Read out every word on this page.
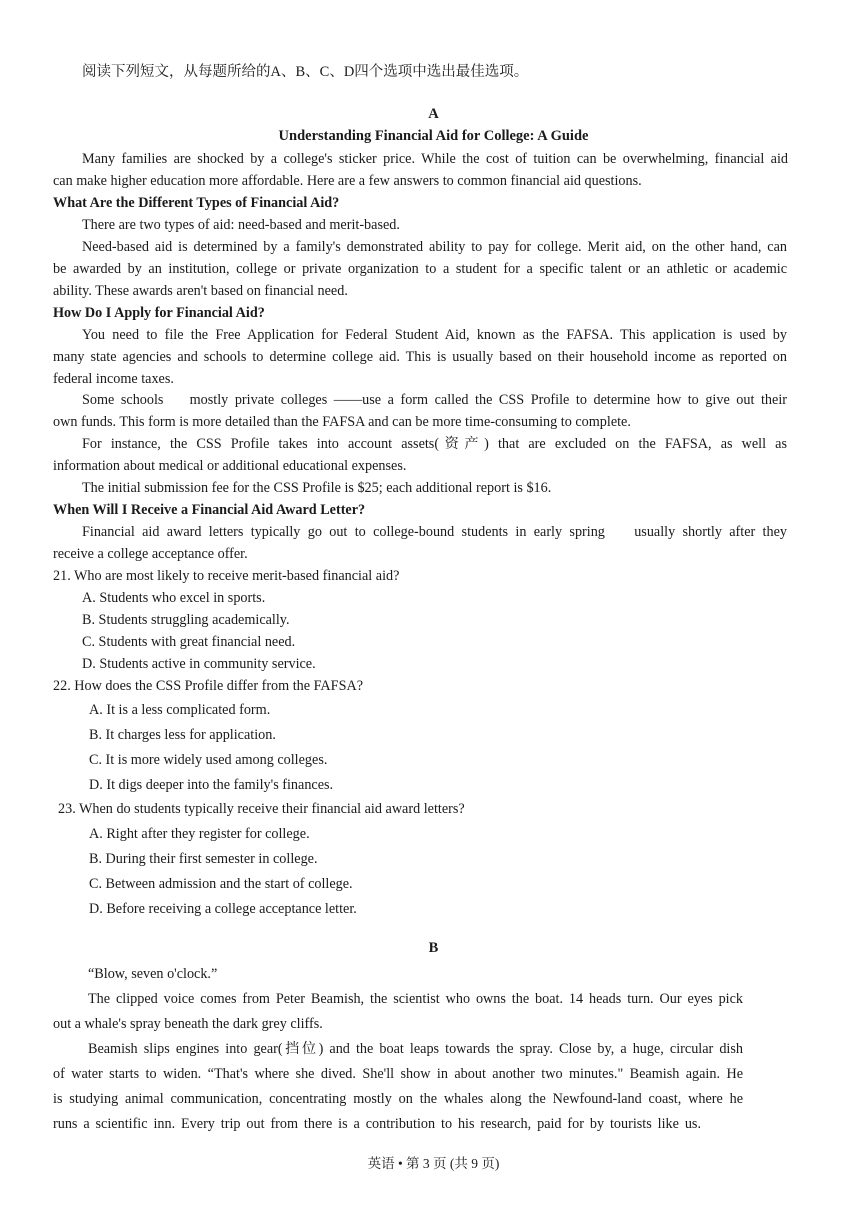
阅读下列短文，从每题所给的A、B、C、D四个选项中选出最佳选项。
A
Understanding Financial Aid for College: A Guide
Many families are shocked by a college's sticker price. While the cost of tuition can be overwhelming, financial aid
can make higher education more affordable. Here are a few answers to common financial aid questions.
What Are the Different Types of Financial Aid?
There are two types of aid: need-based and merit-based.
Need-based aid is determined by a family's demonstrated ability to pay for college. Merit aid, on the other hand, can
be awarded by an institution, college or private organization to a student for a specific talent or an athletic or academic
ability. These awards aren't based on financial need.
How Do I Apply for Financial Aid?
You need to file the Free Application for Federal Student Aid, known as the FAFSA. This application is used by
many state agencies and schools to determine college aid. This is usually based on their household income as reported on
federal income taxes.
Some schools    mostly private colleges ——use a form called the CSS Profile to determine how to give out their
own funds. This form is more detailed than the FAFSA and can be more time-consuming to complete.
For instance, the CSS Profile takes into account assets(资产) that are excluded on the FAFSA, as well as
information about medical or additional educational expenses.
The initial submission fee for the CSS Profile is $25; each additional report is $16.
When Will I Receive a Financial Aid Award Letter?
Financial aid award letters typically go out to college-bound students in early spring    usually shortly after they
receive a college acceptance offer.
21. Who are most likely to receive merit-based financial aid?
A. Students who excel in sports.
B. Students struggling academically.
C. Students with great financial need.
D. Students active in community service.
22. How does the CSS Profile differ from the FAFSA?
A. It is a less complicated form.
B. It charges less for application.
C. It is more widely used among colleges.
D. It digs deeper into the family's finances.
23. When do students typically receive their financial aid award letters?
A. Right after they register for college.
B. During their first semester in college.
C. Between admission and the start of college.
D. Before receiving a college acceptance letter.
B
“Blow, seven o'clock.”
The clipped voice comes from Peter Beamish, the scientist who owns the boat. 14 heads turn. Our eyes pick
out a whale's spray beneath the dark grey cliffs.
Beamish slips engines into gear(挡位) and the boat leaps towards the spray. Close by, a huge, circular dish
of water starts to widen. “That's where she dived. She'll show in about another two minutes." Beamish again. He
is studying animal communication, concentrating mostly on the whales along the Newfound-land coast, where he
runs a scientific inn. Every trip out from there is a contribution to his research, paid for by tourists like us.
英语 • 第 3 页 (共 9 页)
